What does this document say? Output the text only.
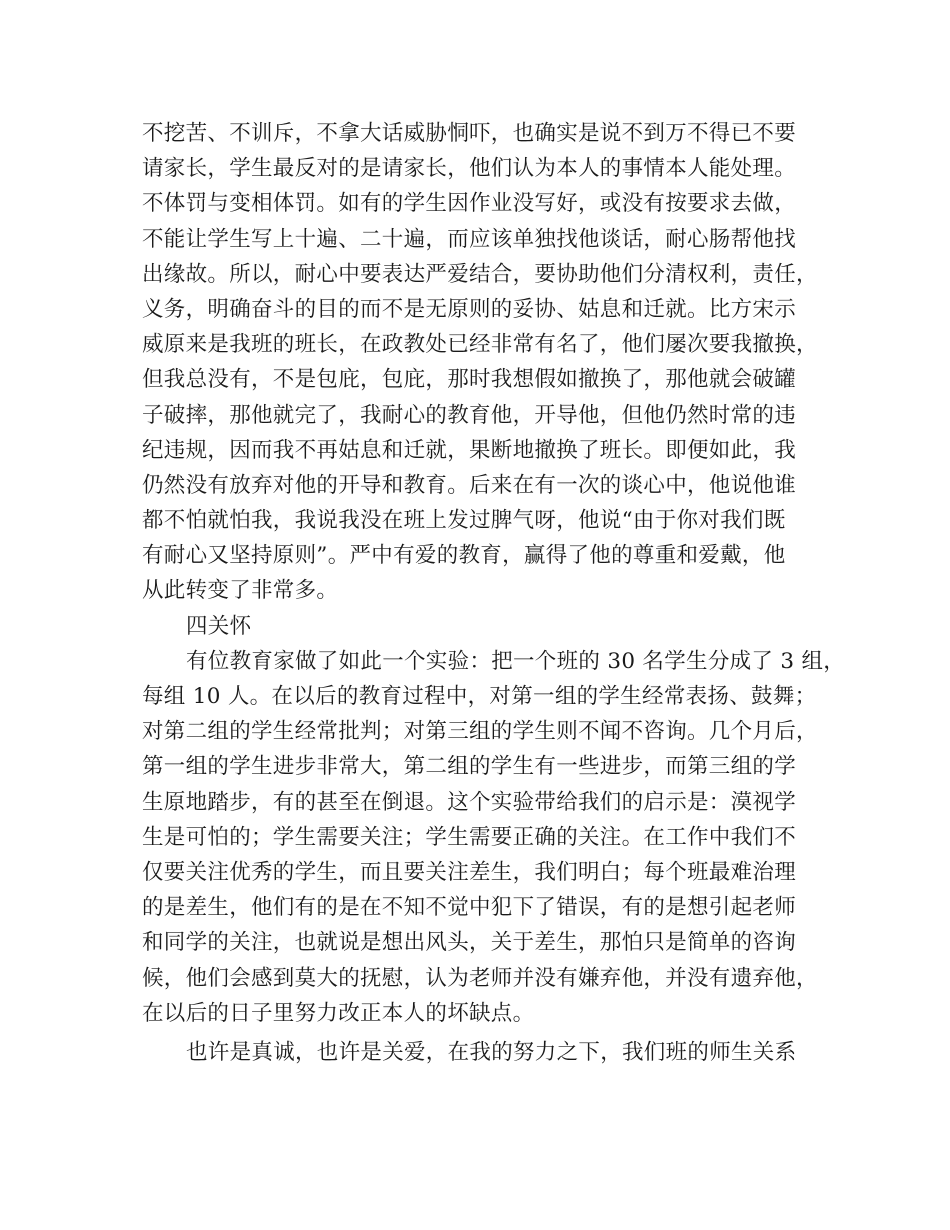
不挖苦、不训斥，不拿大话威胁恫吓，也确实是说不到万不得已不要
请家长，学生最反对的是请家长，他们认为本人的事情本人能处理。
不体罚与变相体罚。如有的学生因作业没写好，或没有按要求去做，
不能让学生写上十遍、二十遍，而应该单独找他谈话，耐心肠帮他找
出缘故。所以，耐心中要表达严爱结合，要协助他们分清权利，责任，
义务，明确奋斗的目的而不是无原则的妥协、姑息和迁就。比方宋示
威原来是我班的班长，在政教处已经非常有名了，他们屡次要我撤换，
但我总没有，不是包庇，包庇，那时我想假如撤换了，那他就会破罐
子破摔，那他就完了，我耐心的教育他，开导他，但他仍然时常的违
纪违规，因而我不再姑息和迁就，果断地撤换了班长。即便如此，我
仍然没有放弃对他的开导和教育。后来在有一次的谈心中，他说他谁
都不怕就怕我，我说我没在班上发过脾气呀，他说“由于你对我们既
有耐心又坚持原则”。严中有爱的教育，赢得了他的尊重和爱戴，他
从此转变了非常多。
四关怀
有位教育家做了如此一个实验：把一个班的 30 名学生分成了 3 组，
每组 10 人。在以后的教育过程中，对第一组的学生经常表扬、鼓舞；
对第二组的学生经常批判；对第三组的学生则不闻不咨询。几个月后，
第一组的学生进步非常大，第二组的学生有一些进步，而第三组的学
生原地踏步，有的甚至在倒退。这个实验带给我们的启示是：漠视学
生是可怕的；学生需要关注；学生需要正确的关注。在工作中我们不
仅要关注优秀的学生，而且要关注差生，我们明白；每个班最难治理
的是差生，他们有的是在不知不觉中犯下了错误，有的是想引起老师
和同学的关注，也就说是想出风头，关于差生，那怕只是简单的咨询
候，他们会感到莫大的抚慰，认为老师并没有嫌弃他，并没有遗弃他，
在以后的日子里努力改正本人的坏缺点。
也许是真诚，也许是关爱，在我的努力之下，我们班的师生关系
